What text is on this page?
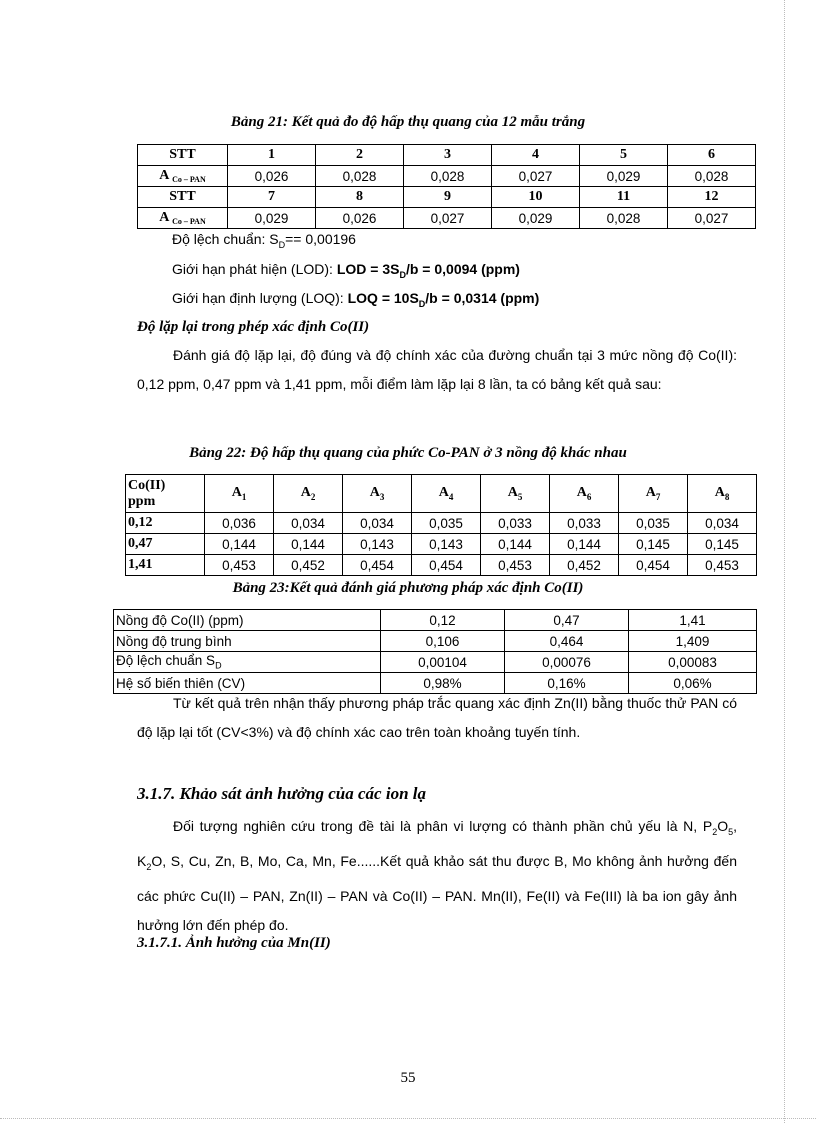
Bảng 21: Kết quả đo độ hấp thụ quang của 12 mẫu trắng
STT	1	2	3	4	5	6
A $_{Co - PAN}$	0,026	0,028	0,028	0,027	0,029	0,028
STT	7	8	9	10	11	12
A $_{Co - PAN}$	0,029	0,026	0,027	0,029	0,028	0,027
Độ lệch chuẩn: $S_D== 0,00196$
Giới hạn phát hiện (LOD): LOD = $3S_D/b = 0,0094$ (ppm)
Giới hạn định lượng (LOQ): LOQ = $10S_D/b = 0,0314$ (ppm)
Độ lặp lại trong phép xác định Co(II)
Đánh giá độ lặp lại, độ đúng và độ chính xác của đường chuẩn tại 3 mức nồng độ Co(II): 0,12 ppm, 0,47 ppm và 1,41 ppm, mỗi điểm làm lặp lại 8 lần, ta có bảng kết quả sau:
Bảng 22: Độ hấp thụ quang của phức Co-PAN ở 3 nồng độ khác nhau
Co(II)
ppm	$A_1$	$A_2$	$A_3$	$A_4$	$A_5$	$A_6$	$A_7$	$A_8$
0,12	0,036	0,034	0,034	0,035	0,033	0,033	0,035	0,034
0,47	0,144	0,144	0,143	0,143	0,144	0,144	0,145	0,145
1,41	0,453	0,452	0,454	0,454	0,453	0,452	0,454	0,453
Bảng 23:Kết quả đánh giá phương pháp xác định Co(II)
Nồng độ Co(II) (ppm)	0,12	0,47	1,41
Nồng độ trung bình	0,106	0,464	1,409
Độ lệch chuẩn $S_D$	0,00104	0,00076	0,00083
Hệ số biến thiên (CV)	0,98%	0,16%	0,06%
Từ kết quả trên nhận thấy phương pháp trắc quang xác định Zn(II) bằng thuốc thử PAN có độ lặp lại tốt (CV<3%) và độ chính xác cao trên toàn khoảng tuyến tính.
3.1.7. Khảo sát ảnh hưởng của các ion lạ
Đối tượng nghiên cứu trong đề tài là phân vi lượng có thành phần chủ yếu là N, $P_2O_5$, $K_2O$, S, Cu, Zn, B, Mo, Ca, Mn, Fe......Kết quả khảo sát thu được B, Mo không ảnh hưởng đến các phức Cu(II) – PAN, Zn(II) – PAN và Co(II) – PAN. Mn(II), Fe(II) và Fe(III) là ba ion gây ảnh hưởng lớn đến phép đo.
3.1.7.1. Ảnh hưởng của Mn(II)
55
